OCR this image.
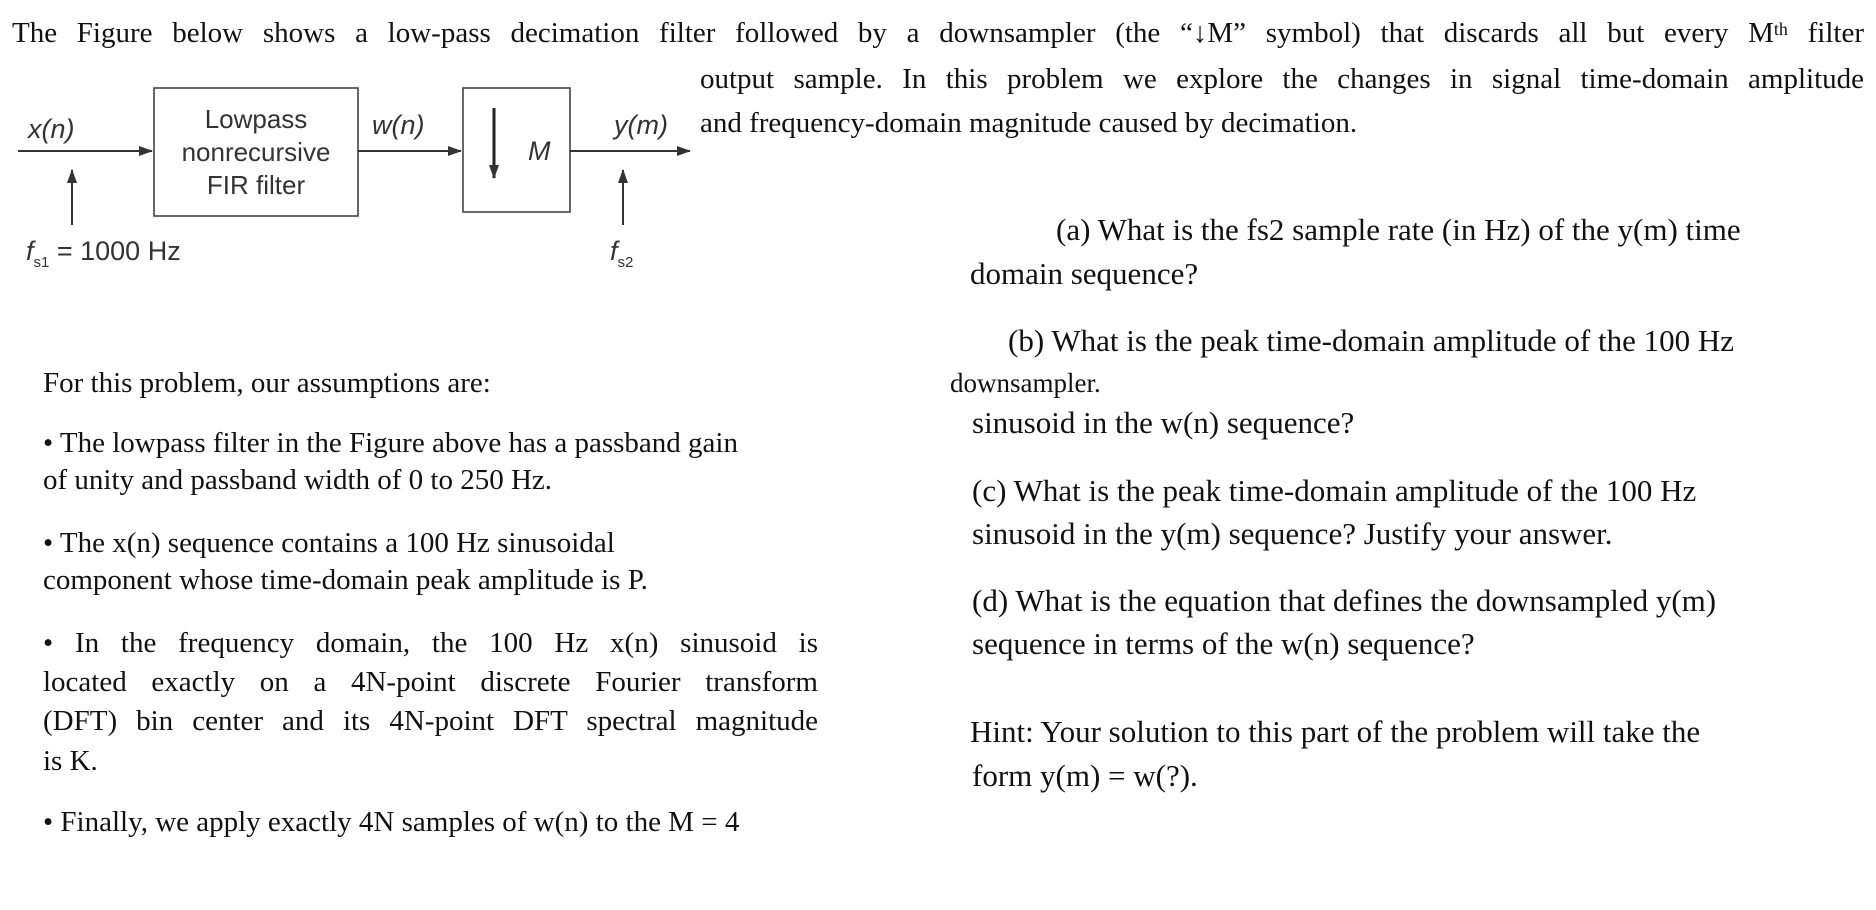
The Figure below shows a low-pass decimation filter followed by a downsampler (the “↓M” symbol) that discards all but every Mth filter
output sample. In this problem we explore the changes in signal time-domain amplitude
and frequency-domain magnitude caused by decimation.
x(n)	Lowpass
nonrecursive
FIR filter
w(n)
M
y(m)
$f_{s1} = 1000$ Hz	$f_{s2}$
For this problem, our assumptions are:
• The lowpass filter in the Figure above has a passband gain
of unity and passband width of 0 to 250 Hz.
• The x(n) sequence contains a 100 Hz sinusoidal
component whose time-domain peak amplitude is P.
• In the frequency domain, the 100 Hz x(n) sinusoid is
located exactly on a 4N-point discrete Fourier transform
(DFT) bin center and its 4N-point DFT spectral magnitude
is K.
• Finally, we apply exactly 4N samples of w(n) to the M = 4
(a) What is the fs2 sample rate (in Hz) of the y(m) time
domain sequence?
(b) What is the peak time-domain amplitude of the 100 Hz
downsampler.
sinusoid in the w(n) sequence?
(c) What is the peak time-domain amplitude of the 100 Hz
sinusoid in the y(m) sequence? Justify your answer.
(d) What is the equation that defines the downsampled y(m)
sequence in terms of the w(n) sequence?
Hint: Your solution to this part of the problem will take the
form y(m) = w(?).
